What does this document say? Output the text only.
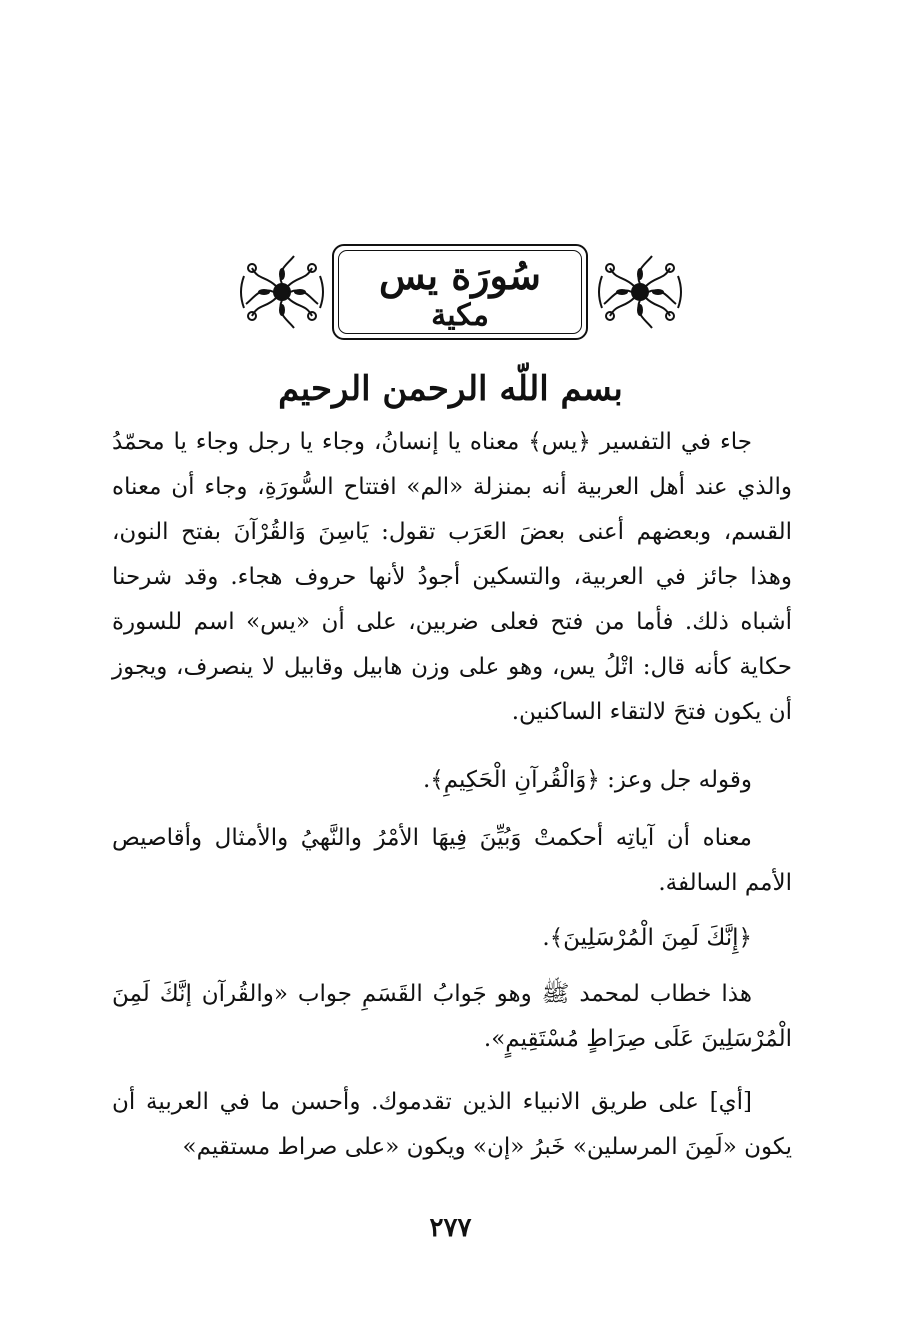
سُورَة يس
مكية
بسم اللّه الرحمن الرحيم

جاء في التفسير ﴿يس﴾ معناه يا إنسانُ، وجاء يا رجل وجاء يا محمّدُ والذي عند أهل العربية أنه بمنزلة «الم» افتتاح السُّورَةِ، وجاء أن معناه القسم، وبعضهم أعنى بعضَ العَرَب تقول: يَاسِنَ وَالقُرْآنَ بفتح النون، وهذا جائز في العربية، والتسكين أجودُ لأنها حروف هجاء. وقد شرحنا أشباه ذلك. فأما من فتح فعلى ضربين، على أن «يس» اسم للسورة حكاية كأنه قال: اتْلُ يس، وهو على وزن هابيل وقابيل لا ينصرف، ويجوز أن يكون فتحَ لالتقاء الساكنين.

وقوله جل وعز: ﴿وَالْقُرآنِ الْحَكِيمِ﴾.

معناه أن آياتِه أحكمتْ وَبُيِّنَ فِيهَا الأمْرُ والنَّهيُ والأمثال وأقاصيص الأمم السالفة.

﴿إِنَّكَ لَمِنَ الْمُرْسَلِينَ﴾.

هذا خطاب لمحمد ﷺ وهو جَوابُ القَسَمِ جواب «والقُرآن إنَّكَ لَمِنَ الْمُرْسَلِينَ عَلَى صِرَاطٍ مُسْتَقِيمٍ».

[أي] على طريق الانبياء الذين تقدموك. وأحسن ما في العربية أن يكون «لَمِنَ المرسلين» خَبرُ «إن» ويكون «على صراط مستقيم»

٢٧٧
